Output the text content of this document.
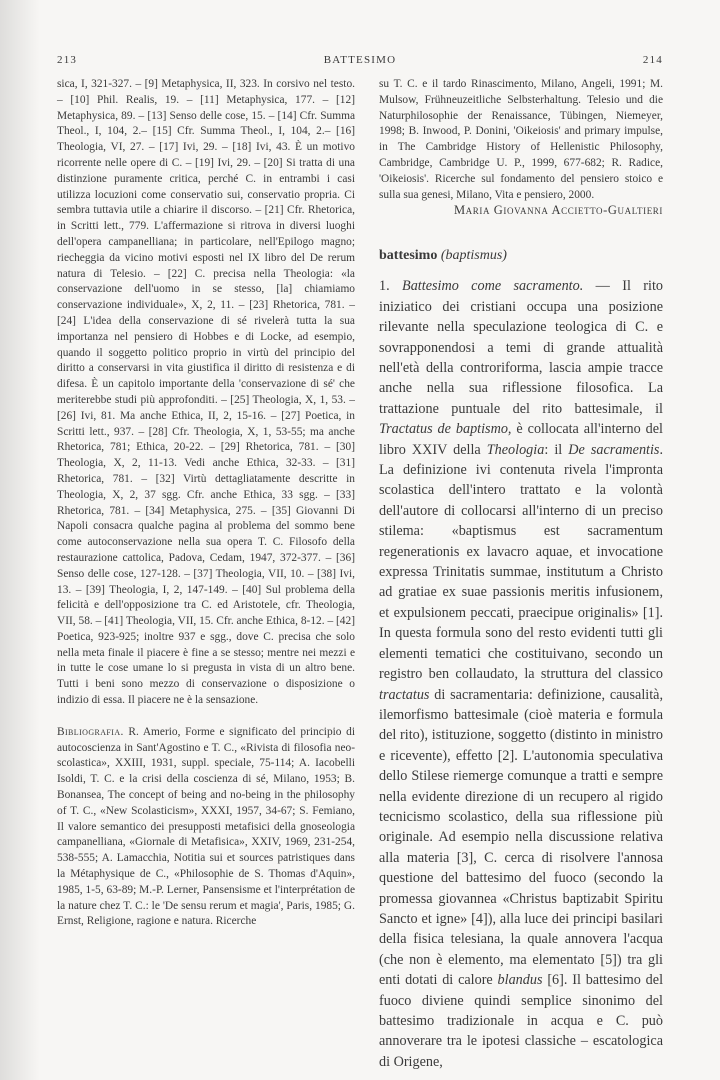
213	BATTESIMO	214

sica, I, 321-327. – [9] Metaphysica, II, 323. In corsivo nel testo. – [10] Phil. Realis, 19. – [11] Metaphysica, 177. – [12] Metaphysica, 89. – [13] Senso delle cose, 15. – [14] Cfr. Summa Theol., I, 104, 2.– [15] Cfr. Summa Theol., I, 104, 2.– [16] Theologia, VI, 27. – [17] Ivi, 29. – [18] Ivi, 43. È un motivo ricorrente nelle opere di C. – [19] Ivi, 29. – [20] Si tratta di una distinzione puramente critica, perché C. in entrambi i casi utilizza locuzioni come conservatio sui, conservatio propria. Ci sembra tuttavia utile a chiarire il discorso. – [21] Cfr. Rhetorica, in Scritti lett., 779. L'affermazione si ritrova in diversi luoghi dell'opera campanelliana; in particolare, nell'Epilogo magno; riecheggia da vicino motivi esposti nel IX libro del De rerum natura di Telesio. – [22] C. precisa nella Theologia: «la conservazione dell'uomo in se stesso, [la] chiamiamo conservazione individuale», X, 2, 11. – [23] Rhetorica, 781. – [24] L'idea della conservazione di sé rivelerà tutta la sua importanza nel pensiero di Hobbes e di Locke, ad esempio, quando il soggetto politico proprio in virtù del principio del diritto a conservarsi in vita giustifica il diritto di resistenza e di difesa. È un capitolo importante della 'conservazione di sé' che meriterebbe studi più approfonditi. – [25] Theologia, X, 1, 53. – [26] Ivi, 81. Ma anche Ethica, II, 2, 15-16. – [27] Poetica, in Scritti lett., 937. – [28] Cfr. Theologia, X, 1, 53-55; ma anche Rhetorica, 781; Ethica, 20-22. – [29] Rhetorica, 781. – [30] Theologia, X, 2, 11-13. Vedi anche Ethica, 32-33. – [31] Rhetorica, 781. – [32] Virtù dettagliatamente descritte in Theologia, X, 2, 37 sgg. Cfr. anche Ethica, 33 sgg. – [33] Rhetorica, 781. – [34] Metaphysica, 275. – [35] Giovanni Di Napoli consacra qualche pagina al problema del sommo bene come autoconservazione nella sua opera T. C. Filosofo della restaurazione cattolica, Padova, Cedam, 1947, 372-377. – [36] Senso delle cose, 127-128. – [37] Theologia, VII, 10. – [38] Ivi, 13. – [39] Theologia, I, 2, 147-149. – [40] Sul problema della felicità e dell'opposizione tra C. ed Aristotele, cfr. Theologia, VII, 58. – [41] Theologia, VII, 15. Cfr. anche Ethica, 8-12. – [42] Poetica, 923-925; inoltre 937 e sgg., dove C. precisa che solo nella meta finale il piacere è fine a se stesso; mentre nei mezzi e in tutte le cose umane lo si pregusta in vista di un altro bene. Tutti i beni sono mezzo di conservazione o disposizione o indizio di essa. Il piacere ne è la sensazione.

Bibliografia. R. Amerio, Forme e significato del principio di autocoscienza in Sant'Agostino e T. C., «Rivista di filosofia neo-scolastica», XXIII, 1931, suppl. speciale, 75-114; A. Iacobelli Isoldi, T. C. e la crisi della coscienza di sé, Milano, 1953; B. Bonansea, The concept of being and no-being in the philosophy of T. C., «New Scolasticism», XXXI, 1957, 34-67; S. Femiano, Il valore semantico dei presupposti metafisici della gnoseologia campanelliana, «Giornale di Metafisica», XXIV, 1969, 231-254, 538-555; A. Lamacchia, Notitia sui et sources patristiques dans la Métaphysique de C., «Philosophie de S. Thomas d'Aquin», 1985, 1-5, 63-89; M.-P. Lerner, Pansensisme et l'interprétation de la nature chez T. C.: le 'De sensu rerum et magia', Paris, 1985; G. Ernst, Religione, ragione e natura. Ricerche

su T. C. e il tardo Rinascimento, Milano, Angeli, 1991; M. Mulsow, Frühneuzeitliche Selbsterhaltung. Telesio und die Naturphilosophie der Renaissance, Tübingen, Niemeyer, 1998; B. Inwood, P. Donini, 'Oikeiosis' and primary impulse, in The Cambridge History of Hellenistic Philosophy, Cambridge, Cambridge U. P., 1999, 677-682; R. Radice, 'Oikeiosis'. Ricerche sul fondamento del pensiero stoico e sulla sua genesi, Milano, Vita e pensiero, 2000.

Maria Giovanna Accietto-Gualtieri

battesimo (baptismus)

1. Battesimo come sacramento. — Il rito iniziatico dei cristiani occupa una posizione rilevante nella speculazione teologica di C. e sovrapponendosi a temi di grande attualità nell'età della controriforma, lascia ampie tracce anche nella sua riflessione filosofica. La trattazione puntuale del rito battesimale, il Tractatus de baptismo, è collocata all'interno del libro XXIV della Theologia: il De sacramentis. La definizione ivi contenuta rivela l'impronta scolastica dell'intero trattato e la volontà dell'autore di collocarsi all'interno di un preciso stilema: «baptismus est sacramentum regenerationis ex lavacro aquae, et invocatione expressa Trinitatis summae, institutum a Christo ad gratiae ex suae passionis meritis infusionem, et expulsionem peccati, praecipue originalis» [1]. In questa formula sono del resto evidenti tutti gli elementi tematici che costituivano, secondo un registro ben collaudato, la struttura del classico tractatus di sacramentaria: definizione, causalità, ilemorfismo battesimale (cioè materia e formula del rito), istituzione, soggetto (distinto in ministro e ricevente), effetto [2]. L'autonomia speculativa dello Stilese riemerge comunque a tratti e sempre nella evidente direzione di un recupero al rigido tecnicismo scolastico, della sua riflessione più originale. Ad esempio nella discussione relativa alla materia [3], C. cerca di risolvere l'annosa questione del battesimo del fuoco (secondo la promessa giovannea «Christus baptizabit Spiritu Sancto et igne» [4]), alla luce dei principi basilari della fisica telesiana, la quale annovera l'acqua (che non è elemento, ma elementato [5]) tra gli enti dotati di calore blandus [6]. Il battesimo del fuoco diviene quindi semplice sinonimo del battesimo tradizionale in acqua e C. può annoverare tra le ipotesi classiche – escatologica di Origene,
